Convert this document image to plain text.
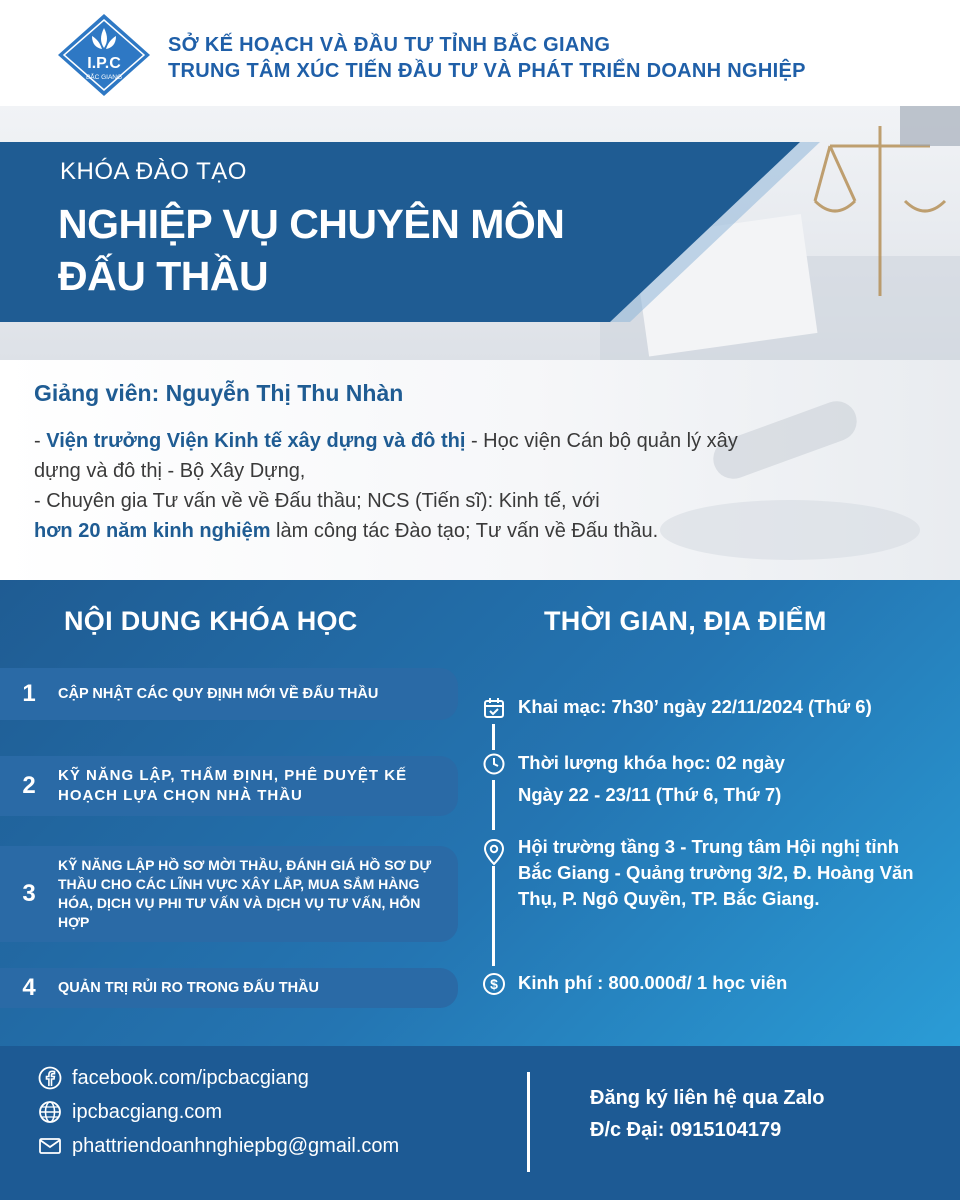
I.P.C
BẮC GIANG
SỞ KẾ HOẠCH VÀ ĐẦU TƯ TỈNH BẮC GIANG
TRUNG TÂM XÚC TIẾN ĐẦU TƯ VÀ PHÁT TRIỂN DOANH NGHIỆP
KHÓA ĐÀO TẠO
NGHIỆP VỤ CHUYÊN MÔN
ĐẤU THẦU
Giảng viên: Nguyễn Thị Thu Nhàn
- Viện trưởng Viện Kinh tế xây dựng và đô thị - Học viện Cán bộ quản lý xây
dựng và đô thị - Bộ Xây Dựng,
- Chuyên gia Tư vấn về về Đấu thầu; NCS (Tiến sĩ): Kinh tế, với
hơn 20 năm kinh nghiệm làm công tác Đào tạo; Tư vấn về Đấu thầu.
NỘI DUNG KHÓA HỌC	THỜI GIAN, ĐỊA ĐIỂM
1	CẬP NHẬT CÁC QUY ĐỊNH MỚI VỀ ĐẤU THẦU
2	KỸ NĂNG LẬP, THẨM ĐỊNH, PHÊ DUYỆT KẾ HOẠCH LỰA CHỌN NHÀ THẦU
3
KỸ NĂNG LẬP HỒ SƠ MỜI THẦU, ĐÁNH GIÁ HỒ SƠ DỰ THẦU CHO CÁC LĨNH VỰC XÂY LẮP, MUA SẮM HÀNG HÓA, DỊCH VỤ PHI TƯ VẤN VÀ DỊCH VỤ TƯ VẤN, HỖN HỢP
4	QUẢN TRỊ RỦI RO TRONG ĐẤU THẦU
Khai mạc: 7h30’ ngày 22/11/2024 (Thứ 6)
Thời lượng khóa học: 02 ngày
Ngày 22 - 23/11 (Thứ 6, Thứ 7)
Hội trường tầng 3 - Trung tâm Hội nghị tỉnh Bắc Giang - Quảng trường 3/2, Đ. Hoàng Văn Thụ, P. Ngô Quyền, TP. Bắc Giang.
$ Kinh phí : 800.000đ/ 1 học viên
facebook.com/ipcbacgiang
ipcbacgiang.com
phattriendoanhnghiepbg@gmail.com
Đăng ký liên hệ qua Zalo
Đ/c Đại: 0915104179
